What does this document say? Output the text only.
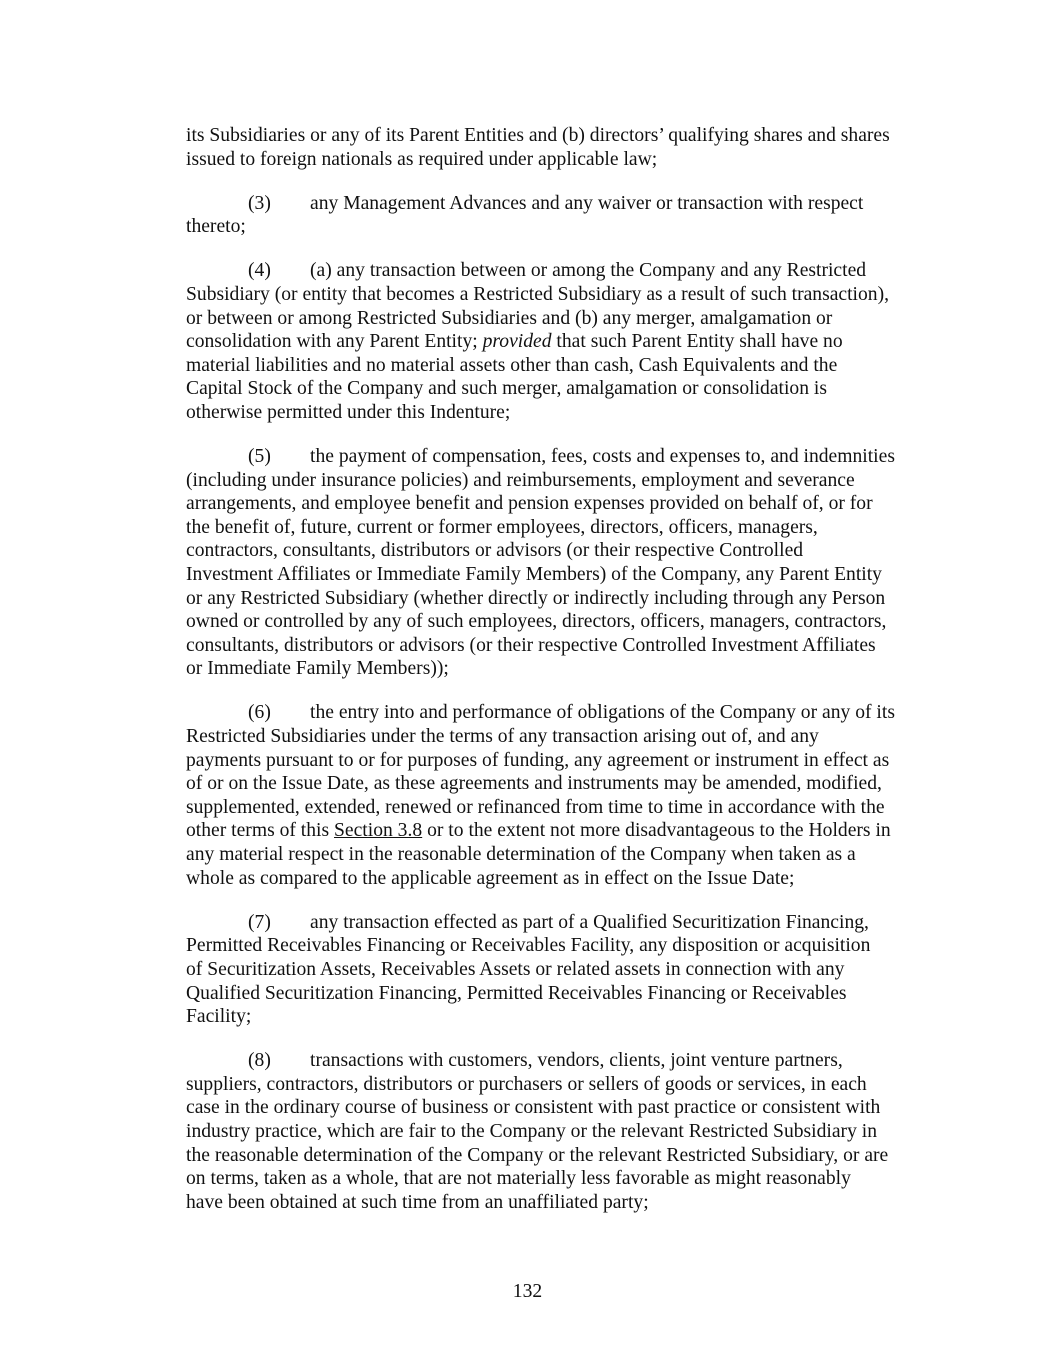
its Subsidiaries or any of its Parent Entities and (b) directors’ qualifying shares and shares
issued to foreign nationals as required under applicable law;
(3) any Management Advances and any waiver or transaction with respect
thereto;
(4) (a) any transaction between or among the Company and any Restricted
Subsidiary (or entity that becomes a Restricted Subsidiary as a result of such transaction),
or between or among Restricted Subsidiaries and (b) any merger, amalgamation or
consolidation with any Parent Entity; provided that such Parent Entity shall have no
material liabilities and no material assets other than cash, Cash Equivalents and the
Capital Stock of the Company and such merger, amalgamation or consolidation is
otherwise permitted under this Indenture;
(5) the payment of compensation, fees, costs and expenses to, and indemnities
(including under insurance policies) and reimbursements, employment and severance
arrangements, and employee benefit and pension expenses provided on behalf of, or for
the benefit of, future, current or former employees, directors, officers, managers,
contractors, consultants, distributors or advisors (or their respective Controlled
Investment Affiliates or Immediate Family Members) of the Company, any Parent Entity
or any Restricted Subsidiary (whether directly or indirectly including through any Person
owned or controlled by any of such employees, directors, officers, managers, contractors,
consultants, distributors or advisors (or their respective Controlled Investment Affiliates
or Immediate Family Members));
(6) the entry into and performance of obligations of the Company or any of its
Restricted Subsidiaries under the terms of any transaction arising out of, and any
payments pursuant to or for purposes of funding, any agreement or instrument in effect as
of or on the Issue Date, as these agreements and instruments may be amended, modified,
supplemented, extended, renewed or refinanced from time to time in accordance with the
other terms of this Section 3.8 or to the extent not more disadvantageous to the Holders in
any material respect in the reasonable determination of the Company when taken as a
whole as compared to the applicable agreement as in effect on the Issue Date;
(7) any transaction effected as part of a Qualified Securitization Financing,
Permitted Receivables Financing or Receivables Facility, any disposition or acquisition
of Securitization Assets, Receivables Assets or related assets in connection with any
Qualified Securitization Financing, Permitted Receivables Financing or Receivables
Facility;
(8) transactions with customers, vendors, clients, joint venture partners,
suppliers, contractors, distributors or purchasers or sellers of goods or services, in each
case in the ordinary course of business or consistent with past practice or consistent with
industry practice, which are fair to the Company or the relevant Restricted Subsidiary in
the reasonable determination of the Company or the relevant Restricted Subsidiary, or are
on terms, taken as a whole, that are not materially less favorable as might reasonably
have been obtained at such time from an unaffiliated party;
132
